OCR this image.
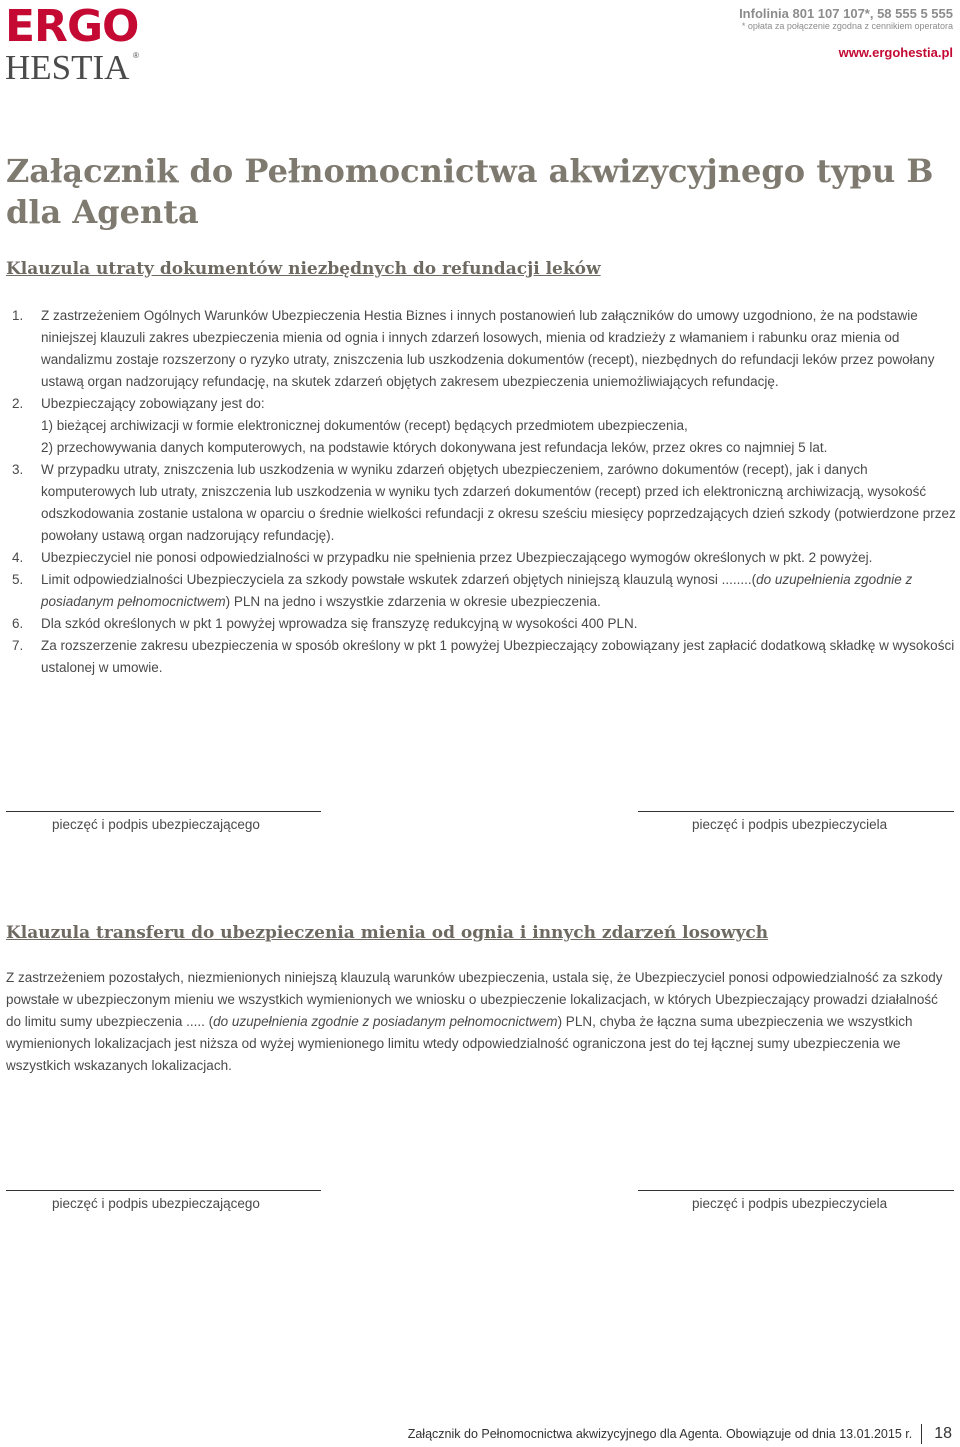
ERGO
HESTIA ®
Infolinia 801 107 107*, 58 555 5 555
* opłata za połączenie zgodna z cennikiem operatora
www.ergohestia.pl
Załącznik do Pełnomocnictwa akwizycyjnego typu B
dla Agenta
Klauzula utraty dokumentów niezbędnych do refundacji leków
1. Z zastrzeżeniem Ogólnych Warunków Ubezpieczenia Hestia Biznes i innych postanowień lub załączników do umowy uzgodniono, że na podstawie niniejszej klauzuli zakres ubezpieczenia mienia od ognia i innych zdarzeń losowych, mienia od kradzieży z włamaniem i rabunku oraz mienia od wandalizmu zostaje rozszerzony o ryzyko utraty, zniszczenia lub uszkodzenia dokumentów (recept), niezbędnych do refundacji leków przez powołany ustawą organ nadzorujący refundację, na skutek zdarzeń objętych zakresem ubezpieczenia uniemożliwiających refundację.
2. Ubezpieczający zobowiązany jest do:
1) bieżącej archiwizacji w formie elektronicznej dokumentów (recept) będących przedmiotem ubezpieczenia,
2) przechowywania danych komputerowych, na podstawie których dokonywana jest refundacja leków, przez okres co najmniej 5 lat.
3. W przypadku utraty, zniszczenia lub uszkodzenia w wyniku zdarzeń objętych ubezpieczeniem, zarówno dokumentów (recept), jak i danych komputerowych lub utraty, zniszczenia lub uszkodzenia w wyniku tych zdarzeń dokumentów (recept) przed ich elektroniczną archiwizacją, wysokość odszkodowania zostanie ustalona w oparciu o średnie wielkości refundacji z okresu sześciu miesięcy poprzedzających dzień szkody (potwierdzone przez powołany ustawą organ nadzorujący refundację).
4. Ubezpieczyciel nie ponosi odpowiedzialności w przypadku nie spełnienia przez Ubezpieczającego wymogów określonych w pkt. 2 powyżej.
5. Limit odpowiedzialności Ubezpieczyciela za szkody powstałe wskutek zdarzeń objętych niniejszą klauzulą wynosi ........(do uzupełnienia zgodnie z posiadanym pełnomocnictwem) PLN na jedno i wszystkie zdarzenia w okresie ubezpieczenia.
6. Dla szkód określonych w pkt 1 powyżej wprowadza się franszyzę redukcyjną w wysokości 400 PLN.
7. Za rozszerzenie zakresu ubezpieczenia w sposób określony w pkt 1 powyżej Ubezpieczający zobowiązany jest zapłacić dodatkową składkę w wysokości ustalonej w umowie.
pieczęć i podpis ubezpieczającego	pieczęć i podpis ubezpieczyciela
Klauzula transferu do ubezpieczenia mienia od ognia i innych zdarzeń losowych

Z zastrzeżeniem pozostałych, niezmienionych niniejszą klauzulą warunków ubezpieczenia, ustala się, że Ubezpieczyciel ponosi odpowiedzialność za szkody powstałe w ubezpieczonym mieniu we wszystkich wymienionych we wniosku o ubezpieczenie lokalizacjach, w których Ubezpieczający prowadzi działalność do limitu sumy ubezpieczenia ..... (do uzupełnienia zgodnie z posiadanym pełnomocnictwem) PLN, chyba że łączna suma ubezpieczenia we wszystkich wymienionych lokalizacjach jest niższa od wyżej wymienionego limitu wtedy odpowiedzialność ograniczona jest do tej łącznej sumy ubezpieczenia we wszystkich wskazanych lokalizacjach.

pieczęć i podpis ubezpieczającego	pieczęć i podpis ubezpieczyciela
Załącznik do Pełnomocnictwa akwizycyjnego dla Agenta. Obowiązuje od dnia 13.01.2015 r. 18
